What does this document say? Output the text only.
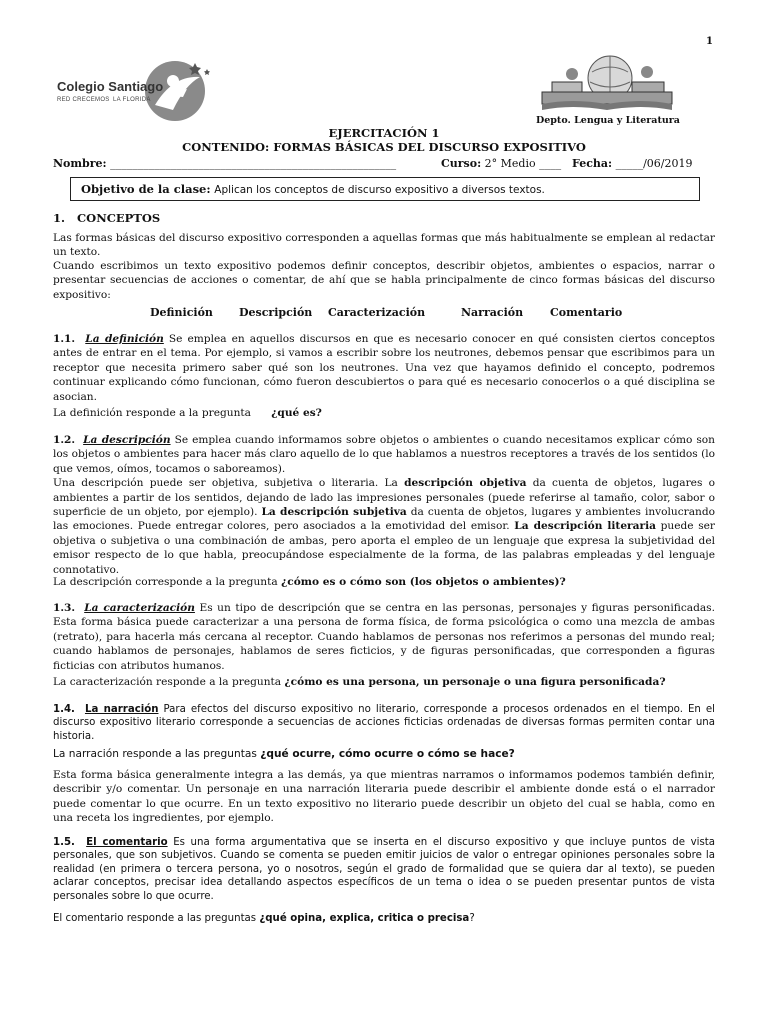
1
Colegio Santiago
RED CRECEMOS LA FLORIDA
Depto. Lengua y Literatura
EJERCITACIÓN 1
CONTENIDO: FORMAS BÁSICAS DEL DISCURSO EXPOSITIVO
Nombre: ____________________________________________________	Curso: 2° Medio ____ Fecha: _____/06/2019
Objetivo de la clase: Aplican los conceptos de discurso expositivo a diversos textos.
1. CONCEPTOS
Las formas básicas del discurso expositivo corresponden a aquellas formas que más habitualmente se emplean al redactar un texto.
Cuando escribimos un texto expositivo podemos definir conceptos, describir objetos, ambientes o espacios, narrar o presentar secuencias de acciones o comentar, de ahí que se habla principalmente de cinco formas básicas del discurso expositivo:
Definición Descripción Caracterización	Narración Comentario
1.1. La definición Se emplea en aquellos discursos en que es necesario conocer en qué consisten ciertos conceptos antes de entrar en el tema. Por ejemplo, si vamos a escribir sobre los neutrones, debemos pensar que escribimos para un receptor que necesita primero saber qué son los neutrones. Una vez que hayamos definido el concepto, podremos continuar explicando cómo funcionan, cómo fueron descubiertos o para qué es necesario conocerlos o a qué disciplina se asocian.
La definición responde a la pregunta ¿qué es?
1.2. La descripción Se emplea cuando informamos sobre objetos o ambientes o cuando necesitamos explicar cómo son los objetos o ambientes para hacer más claro aquello de lo que hablamos a nuestros receptores a través de los sentidos (lo que vemos, oímos, tocamos o saboreamos).
Una descripción puede ser objetiva, subjetiva o literaria. La descripción objetiva da cuenta de objetos, lugares o ambientes a partir de los sentidos, dejando de lado las impresiones personales (puede referirse al tamaño, color, sabor o superficie de un objeto, por ejemplo). La descripción subjetiva da cuenta de objetos, lugares y ambientes involucrando las emociones. Puede entregar colores, pero asociados a la emotividad del emisor. La descripción literaria puede ser objetiva o subjetiva o una combinación de ambas, pero aporta el empleo de un lenguaje que expresa la subjetividad del emisor respecto de lo que habla, preocupándose especialmente de la forma, de las palabras empleadas y del lenguaje connotativo.
La descripción corresponde a la pregunta ¿cómo es o cómo son (los objetos o ambientes)?
1.3. La caracterización Es un tipo de descripción que se centra en las personas, personajes y figuras personificadas. Esta forma básica puede caracterizar a una persona de forma física, de forma psicológica o como una mezcla de ambas (retrato), para hacerla más cercana al receptor. Cuando hablamos de personas nos referimos a personas del mundo real; cuando hablamos de personajes, hablamos de seres ficticios, y de figuras personificadas, que corresponden a figuras ficticias con atributos humanos.
La caracterización responde a la pregunta ¿cómo es una persona, un personaje o una figura personificada?
1.4. La narración Para efectos del discurso expositivo no literario, corresponde a procesos ordenados en el tiempo. En el discurso expositivo literario corresponde a secuencias de acciones ficticias ordenadas de diversas formas permiten contar una historia.
La narración responde a las preguntas ¿qué ocurre, cómo ocurre o cómo se hace?
Esta forma básica generalmente integra a las demás, ya que mientras narramos o informamos podemos también definir, describir y/o comentar. Un personaje en una narración literaria puede describir el ambiente donde está o el narrador puede comentar lo que ocurre. En un texto expositivo no literario puede describir un objeto del cual se habla, como en una receta los ingredientes, por ejemplo.
1.5. El comentario Es una forma argumentativa que se inserta en el discurso expositivo y que incluye puntos de vista personales, que son subjetivos. Cuando se comenta se pueden emitir juicios de valor o entregar opiniones personales sobre la realidad (en primera o tercera persona, yo o nosotros, según el grado de formalidad que se quiera dar al texto), se pueden aclarar conceptos, precisar idea detallando aspectos específicos de un tema o idea o se pueden presentar puntos de vista personales sobre lo que ocurre.
El comentario responde a las preguntas ¿qué opina, explica, critica o precisa?
